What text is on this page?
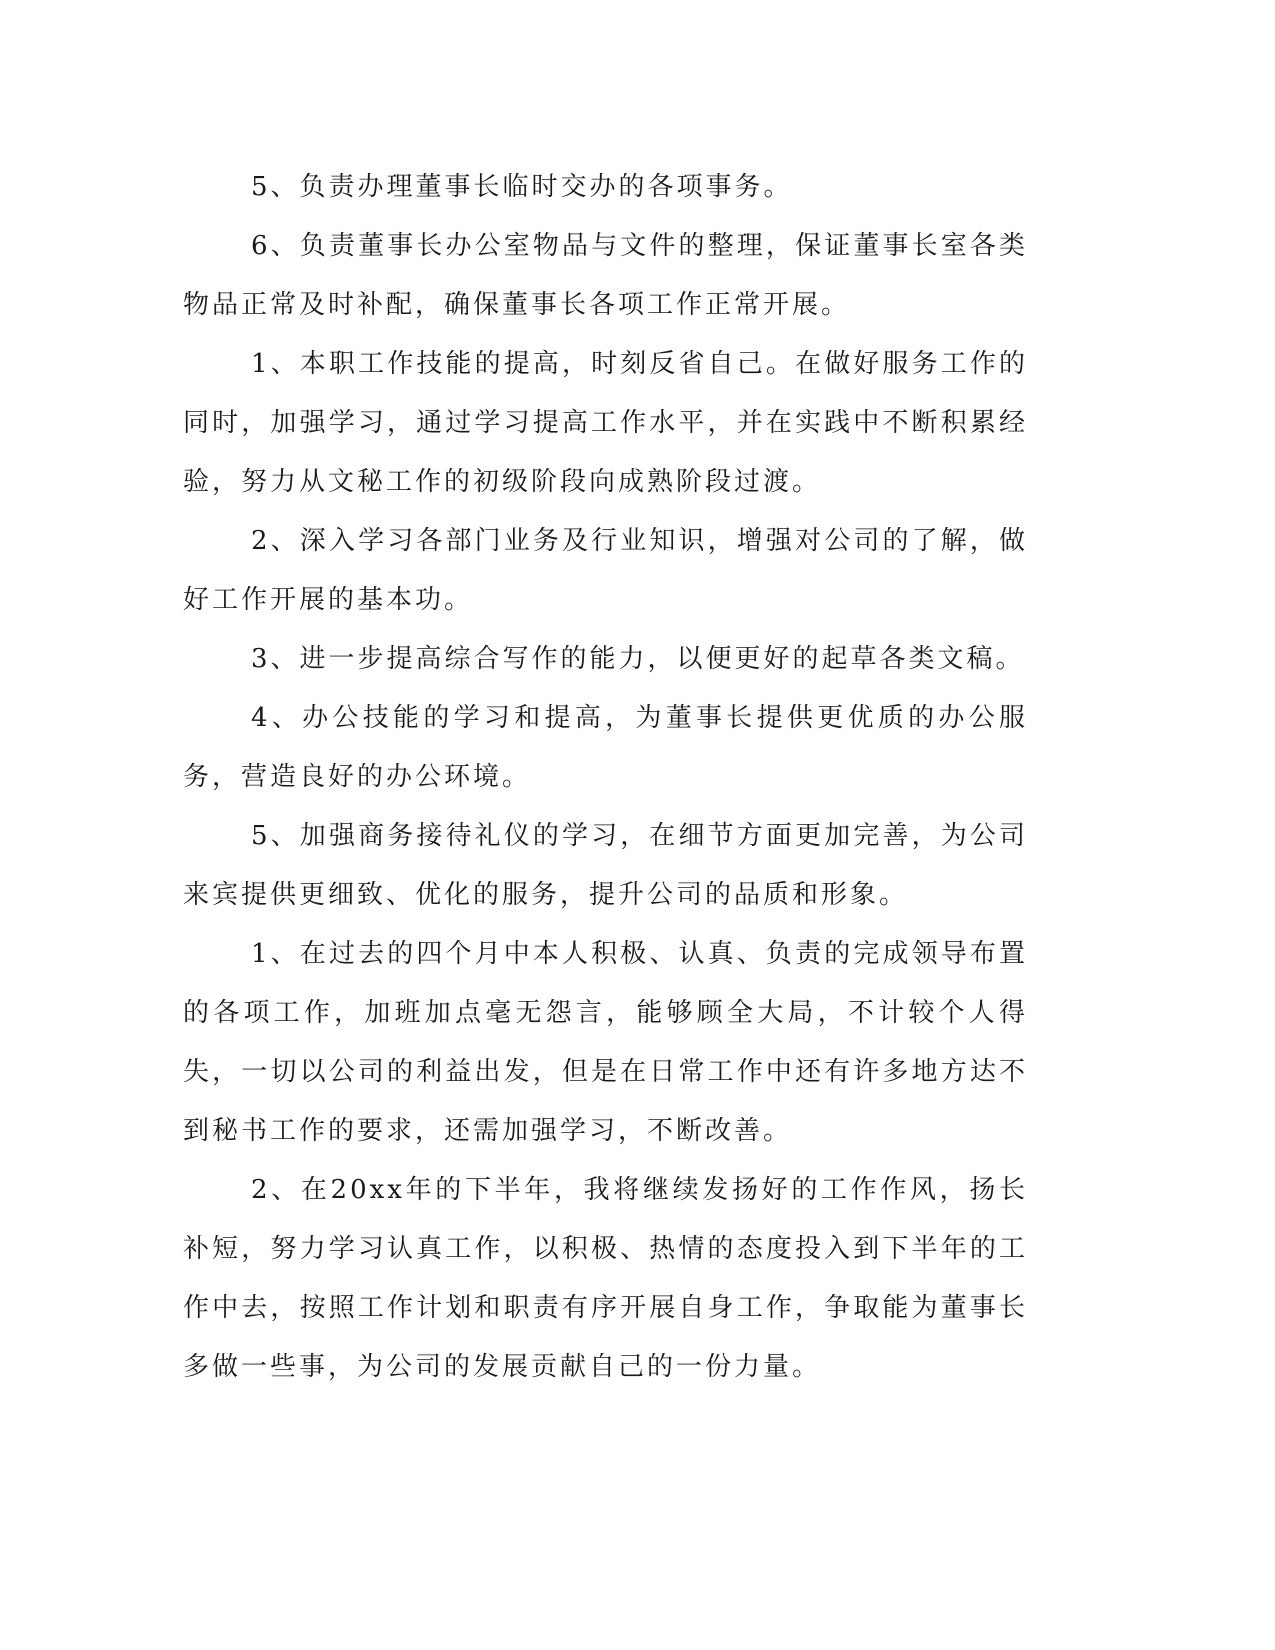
5、负责办理董事长临时交办的各项事务。

6、负责董事长办公室物品与文件的整理，保证董事长室各类物品正常及时补配，确保董事长各项工作正常开展。

1、本职工作技能的提高，时刻反省自己。在做好服务工作的同时，加强学习，通过学习提高工作水平，并在实践中不断积累经验，努力从文秘工作的初级阶段向成熟阶段过渡。

2、深入学习各部门业务及行业知识，增强对公司的了解，做好工作开展的基本功。

3、进一步提高综合写作的能力，以便更好的起草各类文稿。

4、办公技能的学习和提高，为董事长提供更优质的办公服务，营造良好的办公环境。

5、加强商务接待礼仪的学习，在细节方面更加完善，为公司来宾提供更细致、优化的服务，提升公司的品质和形象。

1、在过去的四个月中本人积极、认真、负责的完成领导布置的各项工作，加班加点毫无怨言，能够顾全大局，不计较个人得失，一切以公司的利益出发，但是在日常工作中还有许多地方达不到秘书工作的要求，还需加强学习，不断改善。

2、在20xx年的下半年，我将继续发扬好的工作作风，扬长补短，努力学习认真工作，以积极、热情的态度投入到下半年的工作中去，按照工作计划和职责有序开展自身工作，争取能为董事长多做一些事，为公司的发展贡献自己的一份力量。
